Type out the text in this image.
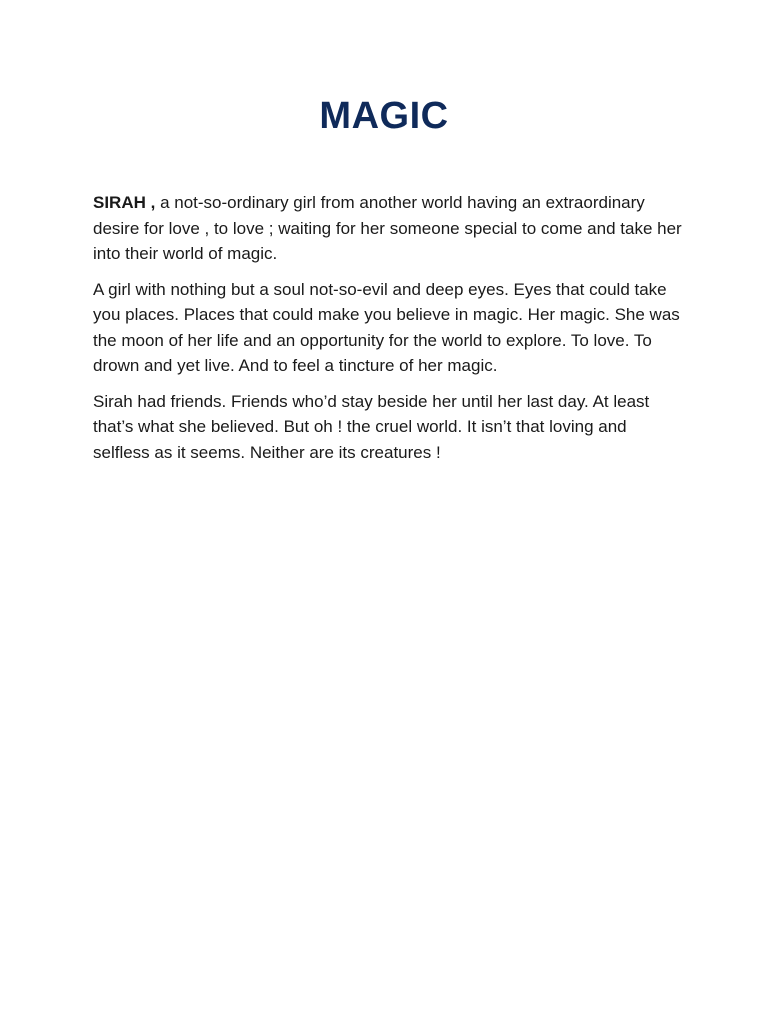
MAGIC

SIRAH , a not-so-ordinary girl from another world having an extraordinary desire for love , to love ; waiting for her someone special to come and take her into their world of magic.

A girl with nothing but a soul not-so-evil and deep eyes. Eyes that could take you places. Places that could make you believe in magic. Her magic. She was the moon of her life and an opportunity for the world to explore. To love. To drown and yet live. And to feel a tincture of her magic.

Sirah had friends. Friends who’d stay beside her until her last day. At least that’s what she believed. But oh ! the cruel world. It isn’t that loving and selfless as it seems. Neither are its creatures !
